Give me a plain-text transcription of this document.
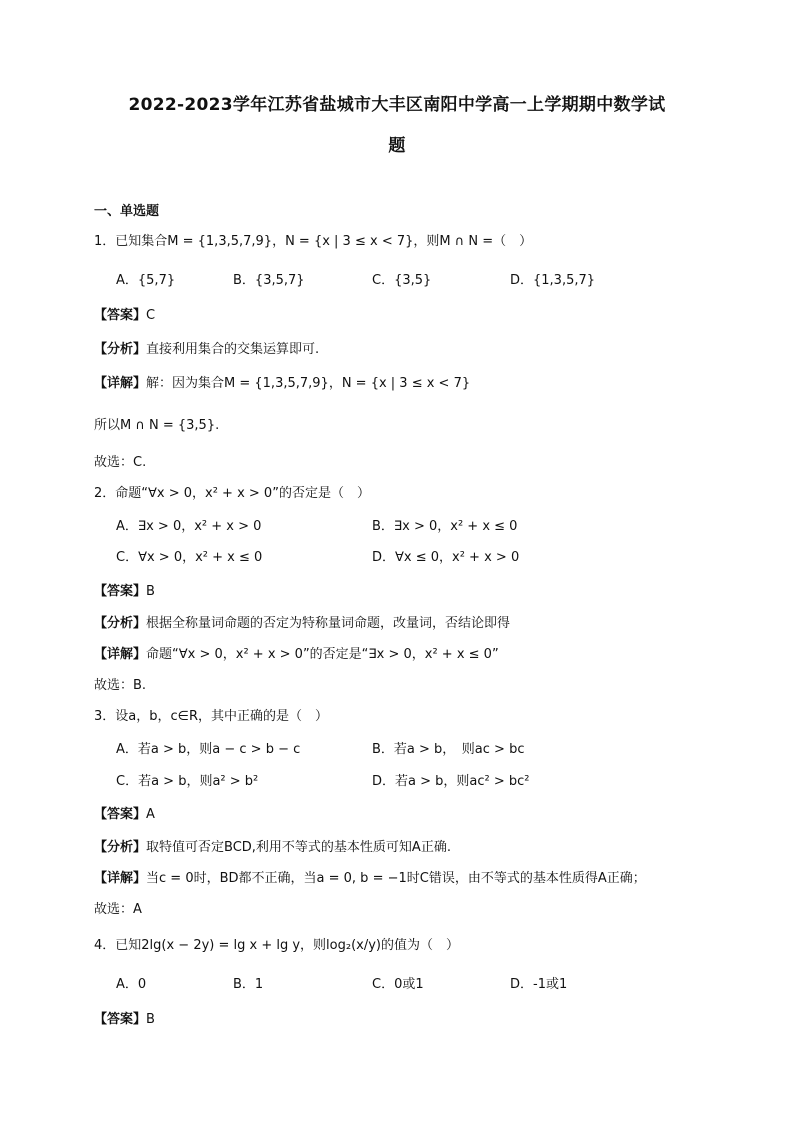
2022-2023学年江苏省盐城市大丰区南阳中学高一上学期期中数学试
题
一、单选题
1．已知集合M = {1,3,5,7,9}，N = {x | 3 ≤ x < 7}，则M ∩ N =（　）
A．{5,7}	B．{3,5,7}	C．{3,5}	D．{1,3,5,7}
【答案】C
【分析】直接利用集合的交集运算即可.
【详解】解：因为集合M = {1,3,5,7,9}，N = {x | 3 ≤ x < 7}
所以M ∩ N = {3,5}.
故选：C.
2．命题“∀x > 0，x² + x > 0”的否定是（　）
A．∃x > 0，x² + x > 0	B．∃x > 0，x² + x ≤ 0
C．∀x > 0，x² + x ≤ 0	D．∀x ≤ 0，x² + x > 0
【答案】B
【分析】根据全称量词命题的否定为特称量词命题，改量词，否结论即得
【详解】命题“∀x > 0，x² + x > 0”的否定是“∃x > 0，x² + x ≤ 0”
故选：B.
3．设a，b，c∈R，其中正确的是（　）
A．若a > b，则a − c > b − c	B．若a > b，　则ac > bc
C．若a > b，则a² > b²	D．若a > b，则ac² > bc²
【答案】A
【分析】取特值可否定BCD,利用不等式的基本性质可知A正确.
【详解】当c = 0时，BD都不正确，当a = 0, b = −1时C错误，由不等式的基本性质得A正确；
故选：A
4．已知2lg(x − 2y) = lg x + lg y，则log₂(x/y)的值为（　）
A．0	B．1	C．0或1	D．-1或1
【答案】B
